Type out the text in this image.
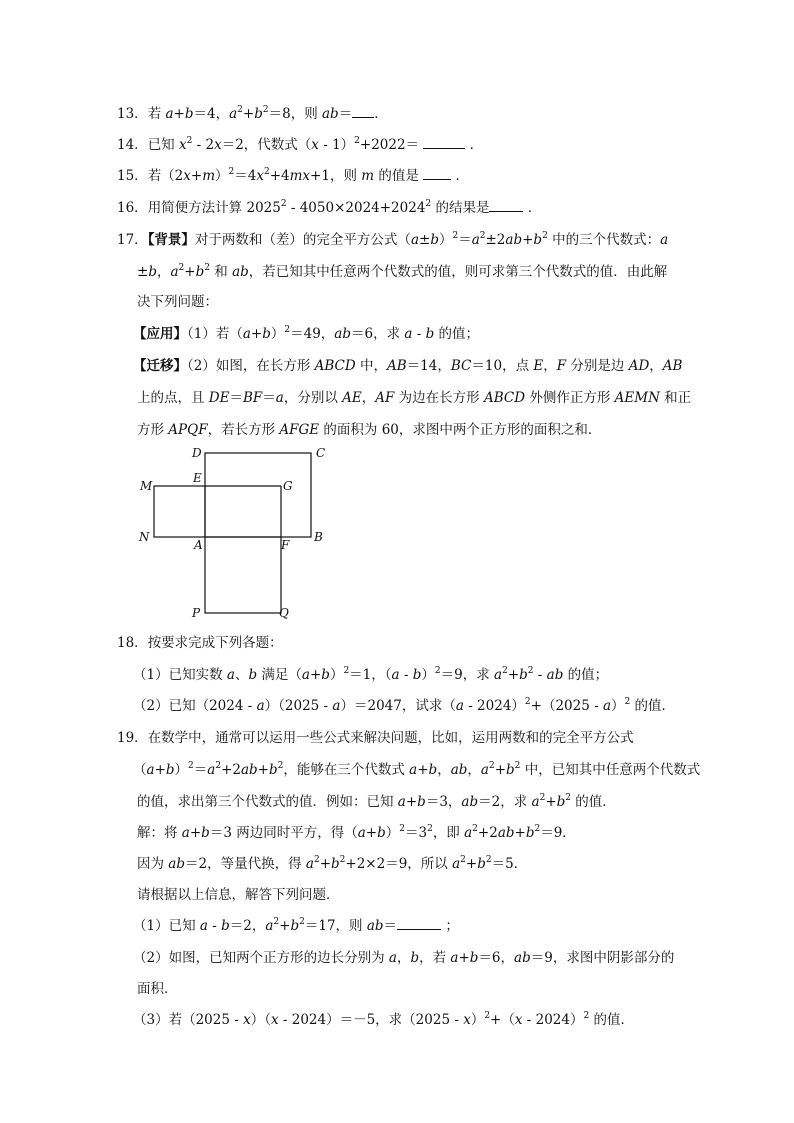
13．若 a+b＝4，$a^2+b^2=8$，则 ab＝ ．
14．已知 $x^2 - 2x=2$，代数式（x - 1）$^2$+2022＝	．
15．若$(2x+m)^2=4x^2+4mx+1$，则 m 的值是  ．
16．用简便方法计算 $2025^2 - 4050\times 2024+2024^2$ 的结果是	．
17．【背景】对于两数和（差）的完全平方公式$(a\pm b)^2=a^2\pm 2ab+b^2$ 中的三个代数式：a
±b，$a^2+b^2$ 和 ab，若已知其中任意两个代数式的值，则可求第三个代数式的值．由此解
决下列问题：
【应用】（1）若$(a+b)^2=49$，ab＝6，求 a - b 的值；
【迁移】（2）如图，在长方形 ABCD 中，AB＝14，BC＝10，点 E，F 分别是边 AD，AB
上的点，且 DE＝BF＝a，分别以 AE，AF 为边在长方形 ABCD 外侧作正方形 AEMN 和正
方形 APQF，若长方形 AFGE 的面积为 60，求图中两个正方形的面积之和．
D	C
M
E
G
N
A	F
B
P	Q
18．按要求完成下列各题：
（1）已知实数 a、b 满足$(a+b)^2=1$，（a - b）$^2$＝9，求 $a^2+b^2$ - ab 的值；
（2）已知（2024 - a）（2025 - a）＝2047，试求（a - 2024）$^2$+（2025 - a）$^2$ 的值．
19．在数学中，通常可以运用一些公式来解决问题，比如，运用两数和的完全平方公式
$(a+b)^2=a^2+2ab+b^2$，能够在三个代数式 a+b，ab，$a^2+b^2$ 中，已知其中任意两个代数式
的值，求出第三个代数式的值．例如：已知 a+b＝3，ab＝2，求 $a^2+b^2$ 的值．
解：将 a+b＝3 两边同时平方，得$(a+b)^2=3^2$，即 $a^2+2ab+b^2=9$．
因为 ab＝2，等量代换，得 $a^2+b^2+2\times 2=9$，所以 $a^2+b^2=5$．
请根据以上信息，解答下列问题．
（1）已知 a - b＝2，$a^2+b^2=17$，则 ab＝	；
（2）如图，已知两个正方形的边长分别为 a，b，若 a+b＝6，ab＝9，求图中阴影部分的
面积．
（3）若（2025 - x）（x - 2024）＝－5，求（2025 - x）$^2$+（x - 2024）$^2$ 的值．
